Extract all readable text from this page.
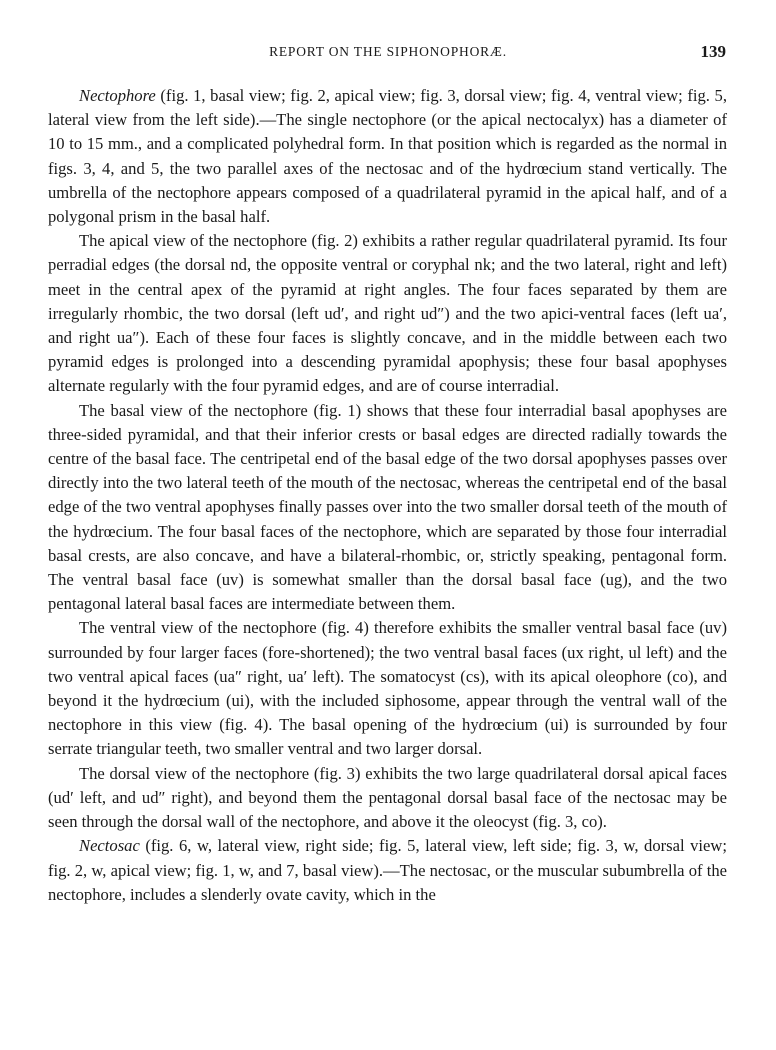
REPORT ON THE SIPHONOPHORÆ.	139

Nectophore (fig. 1, basal view; fig. 2, apical view; fig. 3, dorsal view; fig. 4, ventral view; fig. 5, lateral view from the left side).—The single nectophore (or the apical nectocalyx) has a diameter of 10 to 15 mm., and a complicated polyhedral form. In that position which is regarded as the normal in figs. 3, 4, and 5, the two parallel axes of the nectosac and of the hydrœcium stand vertically. The umbrella of the nectophore appears composed of a quadrilateral pyramid in the apical half, and of a polygonal prism in the basal half.

The apical view of the nectophore (fig. 2) exhibits a rather regular quadrilateral pyramid. Its four perradial edges (the dorsal nd, the opposite ventral or coryphal nk; and the two lateral, right and left) meet in the central apex of the pyramid at right angles. The four faces separated by them are irregularly rhombic, the two dorsal (left ud′, and right ud″) and the two apici-ventral faces (left ua′, and right ua″). Each of these four faces is slightly concave, and in the middle between each two pyramid edges is prolonged into a descending pyramidal apophysis; these four basal apophyses alternate regularly with the four pyramid edges, and are of course interradial.

The basal view of the nectophore (fig. 1) shows that these four interradial basal apophyses are three-sided pyramidal, and that their inferior crests or basal edges are directed radially towards the centre of the basal face. The centripetal end of the basal edge of the two dorsal apophyses passes over directly into the two lateral teeth of the mouth of the nectosac, whereas the centripetal end of the basal edge of the two ventral apophyses finally passes over into the two smaller dorsal teeth of the mouth of the hydrœcium. The four basal faces of the nectophore, which are separated by those four interradial basal crests, are also concave, and have a bilateral-rhombic, or, strictly speaking, pentagonal form. The ventral basal face (uv) is somewhat smaller than the dorsal basal face (ug), and the two pentagonal lateral basal faces are intermediate between them.

The ventral view of the nectophore (fig. 4) therefore exhibits the smaller ventral basal face (uv) surrounded by four larger faces (fore-shortened); the two ventral basal faces (ux right, ul left) and the two ventral apical faces (ua″ right, ua′ left). The somatocyst (cs), with its apical oleophore (co), and beyond it the hydrœcium (ui), with the included siphosome, appear through the ventral wall of the nectophore in this view (fig. 4). The basal opening of the hydrœcium (ui) is surrounded by four serrate triangular teeth, two smaller ventral and two larger dorsal.

The dorsal view of the nectophore (fig. 3) exhibits the two large quadrilateral dorsal apical faces (ud′ left, and ud″ right), and beyond them the pentagonal dorsal basal face of the nectosac may be seen through the dorsal wall of the nectophore, and above it the oleocyst (fig. 3, co).

Nectosac (fig. 6, w, lateral view, right side; fig. 5, lateral view, left side; fig. 3, w, dorsal view; fig. 2, w, apical view; fig. 1, w, and 7, basal view).—The nectosac, or the muscular subumbrella of the nectophore, includes a slenderly ovate cavity, which in the
